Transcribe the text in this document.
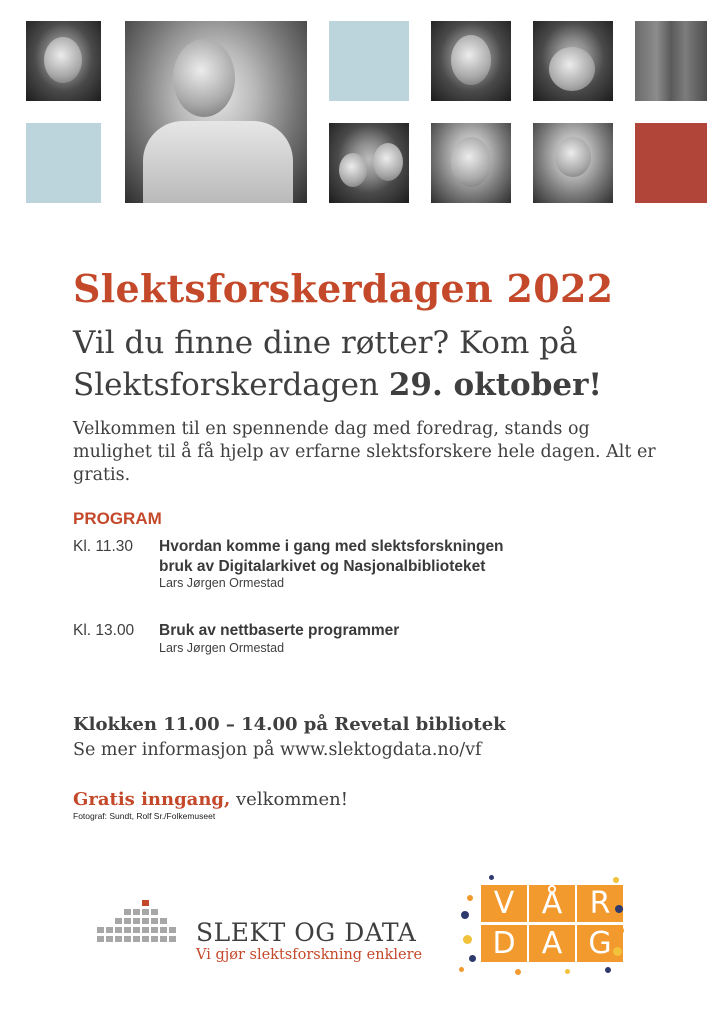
Slektsforskerdagen 2022
Vil du finne dine røtter? Kom på
Slektsforskerdagen 29. oktober!
Velkommen til en spennende dag med foredrag, stands og mulighet til å få hjelp av erfarne slektsforskere hele dagen. Alt er gratis.
PROGRAM
Kl. 11.30 Hvordan komme i gang med slektsforskningen
bruk av Digitalarkivet og Nasjonalbiblioteket
Lars Jørgen Ormestad
Kl. 13.00 Bruk av nettbaserte programmer
Lars Jørgen Ormestad
Klokken 11.00 – 14.00 på Revetal bibliotek
Se mer informasjon på www.slektogdata.no/vf
Gratis inngang, velkommen!
Fotograf: Sundt, Rolf Sr./Folkemuseet
SLEKT OG DATA
Vi gjør slektsforskning enklere
V Å R
D A G
